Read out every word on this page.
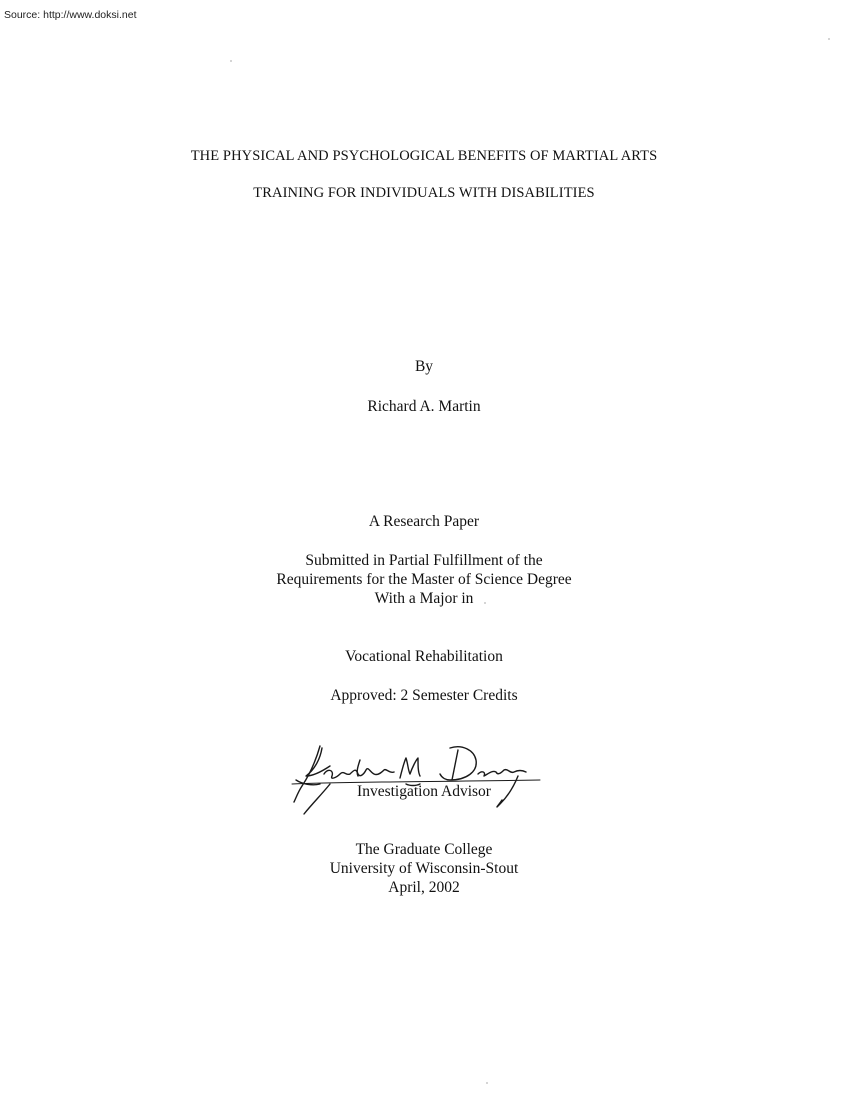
Source: http://www.doksi.net
THE PHYSICAL AND PSYCHOLOGICAL BENEFITS OF MARTIAL ARTS
TRAINING FOR INDIVIDUALS WITH DISABILITIES
By
Richard A. Martin
A Research Paper
Submitted in Partial Fulfillment of the
Requirements for the Master of Science Degree
With a Major in
Vocational Rehabilitation
Approved: 2 Semester Credits
Investigation Advisor
The Graduate College
University of Wisconsin-Stout
April, 2002
